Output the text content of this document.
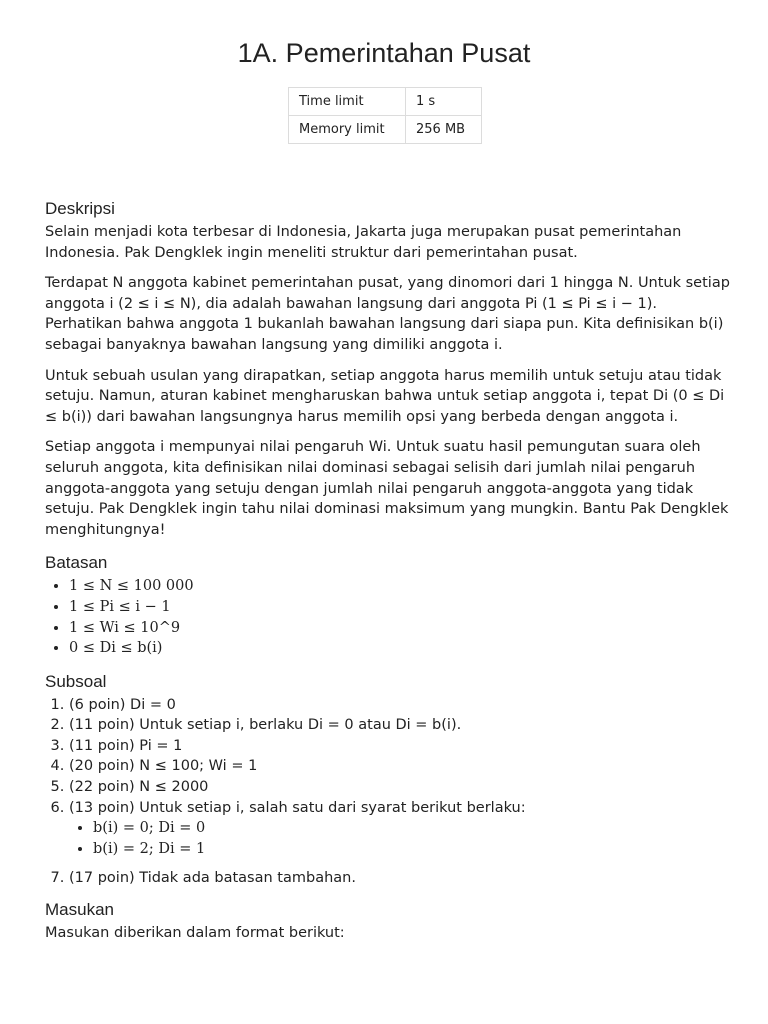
1A. Pemerintahan Pusat
Time limit	1 s
Memory limit	256 MB
Deskripsi

Selain menjadi kota terbesar di Indonesia, Jakarta juga merupakan pusat pemerintahan Indonesia. Pak Dengklek ingin meneliti struktur dari pemerintahan pusat.

Terdapat N anggota kabinet pemerintahan pusat, yang dinomori dari 1 hingga N. Untuk setiap anggota i (2 ≤ i ≤ N), dia adalah bawahan langsung dari anggota Pi (1 ≤ Pi ≤ i − 1). Perhatikan bahwa anggota 1 bukanlah bawahan langsung dari siapa pun. Kita definisikan b(i) sebagai banyaknya bawahan langsung yang dimiliki anggota i.

Untuk sebuah usulan yang dirapatkan, setiap anggota harus memilih untuk setuju atau tidak setuju. Namun, aturan kabinet mengharuskan bahwa untuk setiap anggota i, tepat Di (0 ≤ Di ≤ b(i)) dari bawahan langsungnya harus memilih opsi yang berbeda dengan anggota i.

Setiap anggota i mempunyai nilai pengaruh Wi. Untuk suatu hasil pemungutan suara oleh seluruh anggota, kita definisikan nilai dominasi sebagai selisih dari jumlah nilai pengaruh anggota-anggota yang setuju dengan jumlah nilai pengaruh anggota-anggota yang tidak setuju. Pak Dengklek ingin tahu nilai dominasi maksimum yang mungkin. Bantu Pak Dengklek menghitungnya!

Batasan
• 1 ≤ N ≤ 100 000
• 1 ≤ Pi ≤ i − 1
• 1 ≤ Wi ≤ 10^9
• 0 ≤ Di ≤ b(i)
Subsoal
1. (6 poin) Di = 0
2. (11 poin) Untuk setiap i, berlaku Di = 0 atau Di = b(i).
3. (11 poin) Pi = 1
4. (20 poin) N ≤ 100; Wi = 1
5. (22 poin) N ≤ 2000
6. (13 poin) Untuk setiap i, salah satu dari syarat berikut berlaku:
• b(i) = 0; Di = 0
• b(i) = 2; Di = 1
7. (17 poin) Tidak ada batasan tambahan.
Masukan

Masukan diberikan dalam format berikut:
